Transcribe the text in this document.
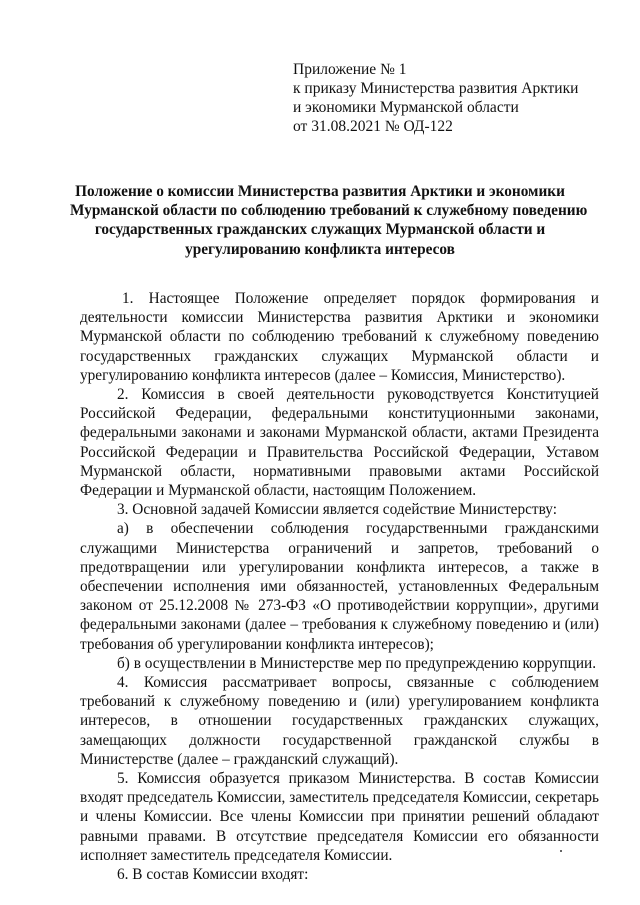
Приложение № 1
к приказу Министерства развития Арктики
и экономики Мурманской области
от 31.08.2021 № ОД-122
Положение о комиссии Министерства развития Арктики и экономики
Мурманской области по соблюдению требований к служебному поведению
государственных гражданских служащих Мурманской области и
урегулированию конфликта интересов

1. Настоящее Положение определяет порядок формирования и деятельности комиссии Министерства развития Арктики и экономики Мурманской области по соблюдению требований к служебному поведению государственных гражданских служащих Мурманской области и урегулированию конфликта интересов (далее – Комиссия, Министерство).

2. Комиссия в своей деятельности руководствуется Конституцией Российской Федерации, федеральными конституционными законами, федеральными законами и законами Мурманской области, актами Президента Российской Федерации и Правительства Российской Федерации, Уставом Мурманской области, нормативными правовыми актами Российской Федерации и Мурманской области, настоящим Положением.

3. Основной задачей Комиссии является содействие Министерству:

а) в обеспечении соблюдения государственными гражданскими служащими Министерства ограничений и запретов, требований о предотвращении или урегулировании конфликта интересов, а также в обеспечении исполнения ими обязанностей, установленных Федеральным законом от 25.12.2008 № 273-ФЗ «О противодействии коррупции», другими федеральными законами (далее – требования к служебному поведению и (или) требования об урегулировании конфликта интересов);

б) в осуществлении в Министерстве мер по предупреждению коррупции.

4. Комиссия рассматривает вопросы, связанные с соблюдением требований к служебному поведению и (или) урегулированием конфликта интересов, в отношении государственных гражданских служащих, замещающих должности государственной гражданской службы в Министерстве (далее – гражданский служащий).

5. Комиссия образуется приказом Министерства. В состав Комиссии входят председатель Комиссии, заместитель председателя Комиссии, секретарь и члены Комиссии. Все члены Комиссии при принятии решений обладают равными правами. В отсутствие председателя Комиссии его обязанности исполняет заместитель председателя Комиссии.

6. В состав Комиссии входят:
